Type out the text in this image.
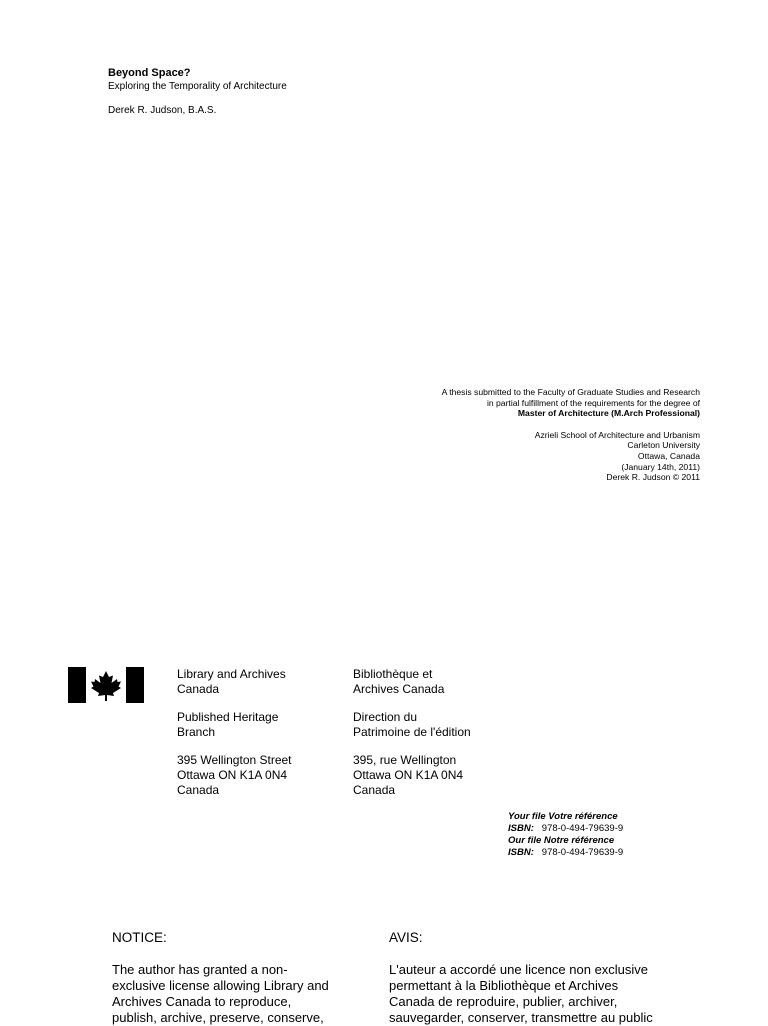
Beyond Space?
Exploring the Temporality of Architecture
Derek R. Judson, B.A.S.
A thesis submitted to the Faculty of Graduate Studies and Research
in partial fulfillment of the requirements for the degree of
Master of Architecture (M.Arch Professional)
Azrieli School of Architecture and Urbanism
Carleton University
Ottawa, Canada
(January 14th, 2011)
Derek R. Judson © 2011
Library and Archives
Canada
Published Heritage
Branch
395 Wellington Street
Ottawa ON K1A 0N4
Canada
Bibliothèque et
Archives Canada
Direction du
Patrimoine de l'édition
395, rue Wellington
Ottawa ON K1A 0N4
Canada
Your file Votre référence
ISBN: 978-0-494-79639-9
Our file Notre référence
ISBN: 978-0-494-79639-9
NOTICE:	AVIS:
The author has granted a non-
exclusive license allowing Library and
Archives Canada to reproduce,
publish, archive, preserve, conserve,
L'auteur a accordé une licence non exclusive
permettant à la Bibliothèque et Archives
Canada de reproduire, publier, archiver,
sauvegarder, conserver, transmettre au public
